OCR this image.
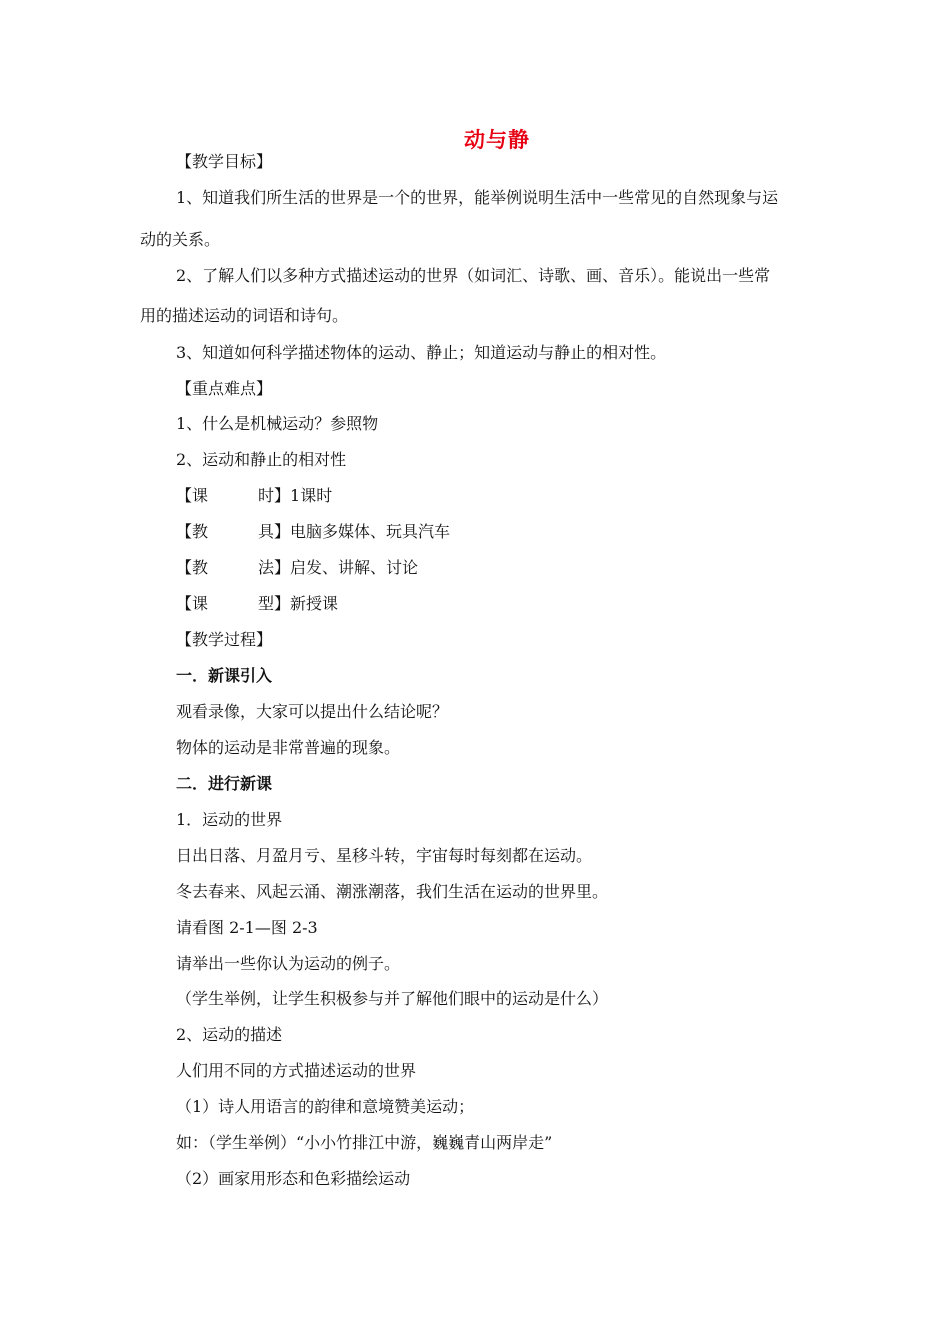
动与静
【教学目标】
1、知道我们所生活的世界是一个的世界，能举例说明生活中一些常见的自然现象与运
动的关系。
2、了解人们以多种方式描述运动的世界（如词汇、诗歌、画、音乐）。能说出一些常
用的描述运动的词语和诗句。
3、知道如何科学描述物体的运动、静止；知道运动与静止的相对性。
【重点难点】
1、什么是机械运动？参照物
2、运动和静止的相对性
【课	时】1课时
【教	具】电脑多媒体、玩具汽车
【教	法】启发、讲解、讨论
【课	型】新授课
【教学过程】
一．新课引入
观看录像，大家可以提出什么结论呢？
物体的运动是非常普遍的现象。
二．进行新课
1．运动的世界
日出日落、月盈月亏、星移斗转，宇宙每时每刻都在运动。
冬去春来、风起云涌、潮涨潮落，我们生活在运动的世界里。
请看图 2-1—图 2-3
请举出一些你认为运动的例子。
（学生举例，让学生积极参与并了解他们眼中的运动是什么）
2、运动的描述
人们用不同的方式描述运动的世界
（1）诗人用语言的韵律和意境赞美运动；
如：（学生举例）“小小竹排江中游，巍巍青山两岸走”
（2）画家用形态和色彩描绘运动
